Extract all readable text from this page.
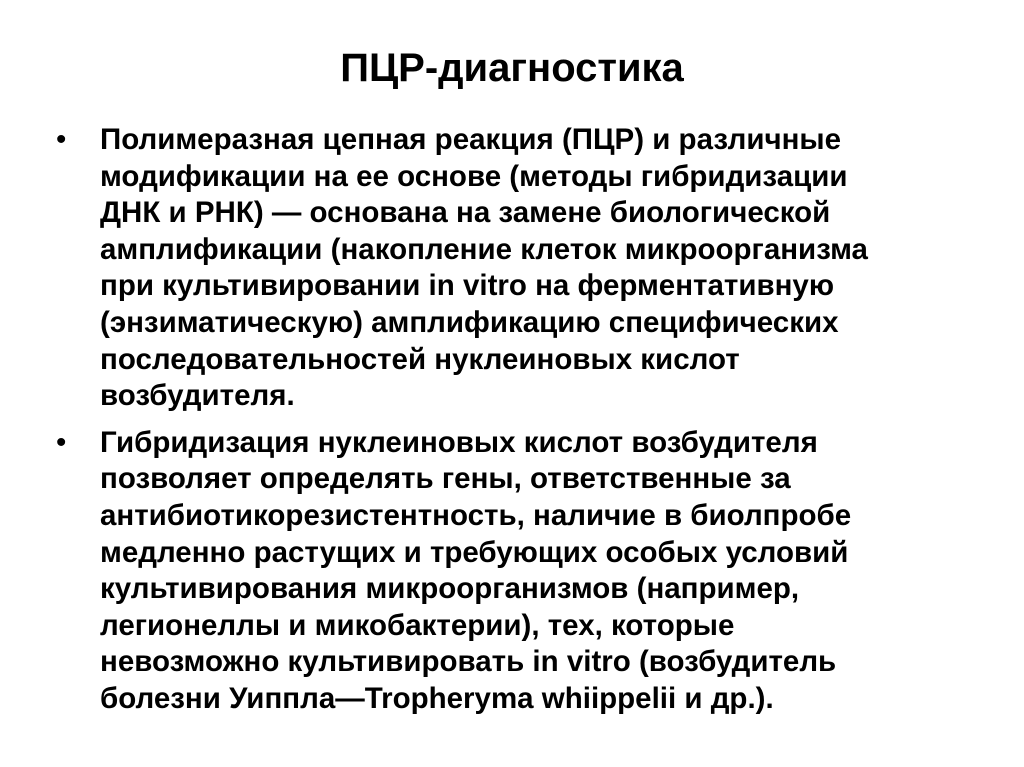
ПЦР-диагностика
•	Полимеразная цепная реакция (ПЦР) и различные
модификации на ее основе (методы гибридизации
ДНК и РНК) — основана на замене биологической
амплификации (накопление клеток микроорганизма
при культивировании in vitro на ферментативную
(энзиматическую) амплификацию специфических
последовательностей нуклеиновых кислот
возбудителя.
•	Гибридизация нуклеиновых кислот возбудителя
позволяет определять гены, ответственные за
антибиотикорезистентность, наличие в биолпробе
медленно растущих и требующих особых условий
культивирования микроорганизмов (например,
легионеллы и микобактерии), тех, которые
невозможно культивировать in vitro (возбудитель
болезни Уиппла—Tropheryma whiippelii и др.).
